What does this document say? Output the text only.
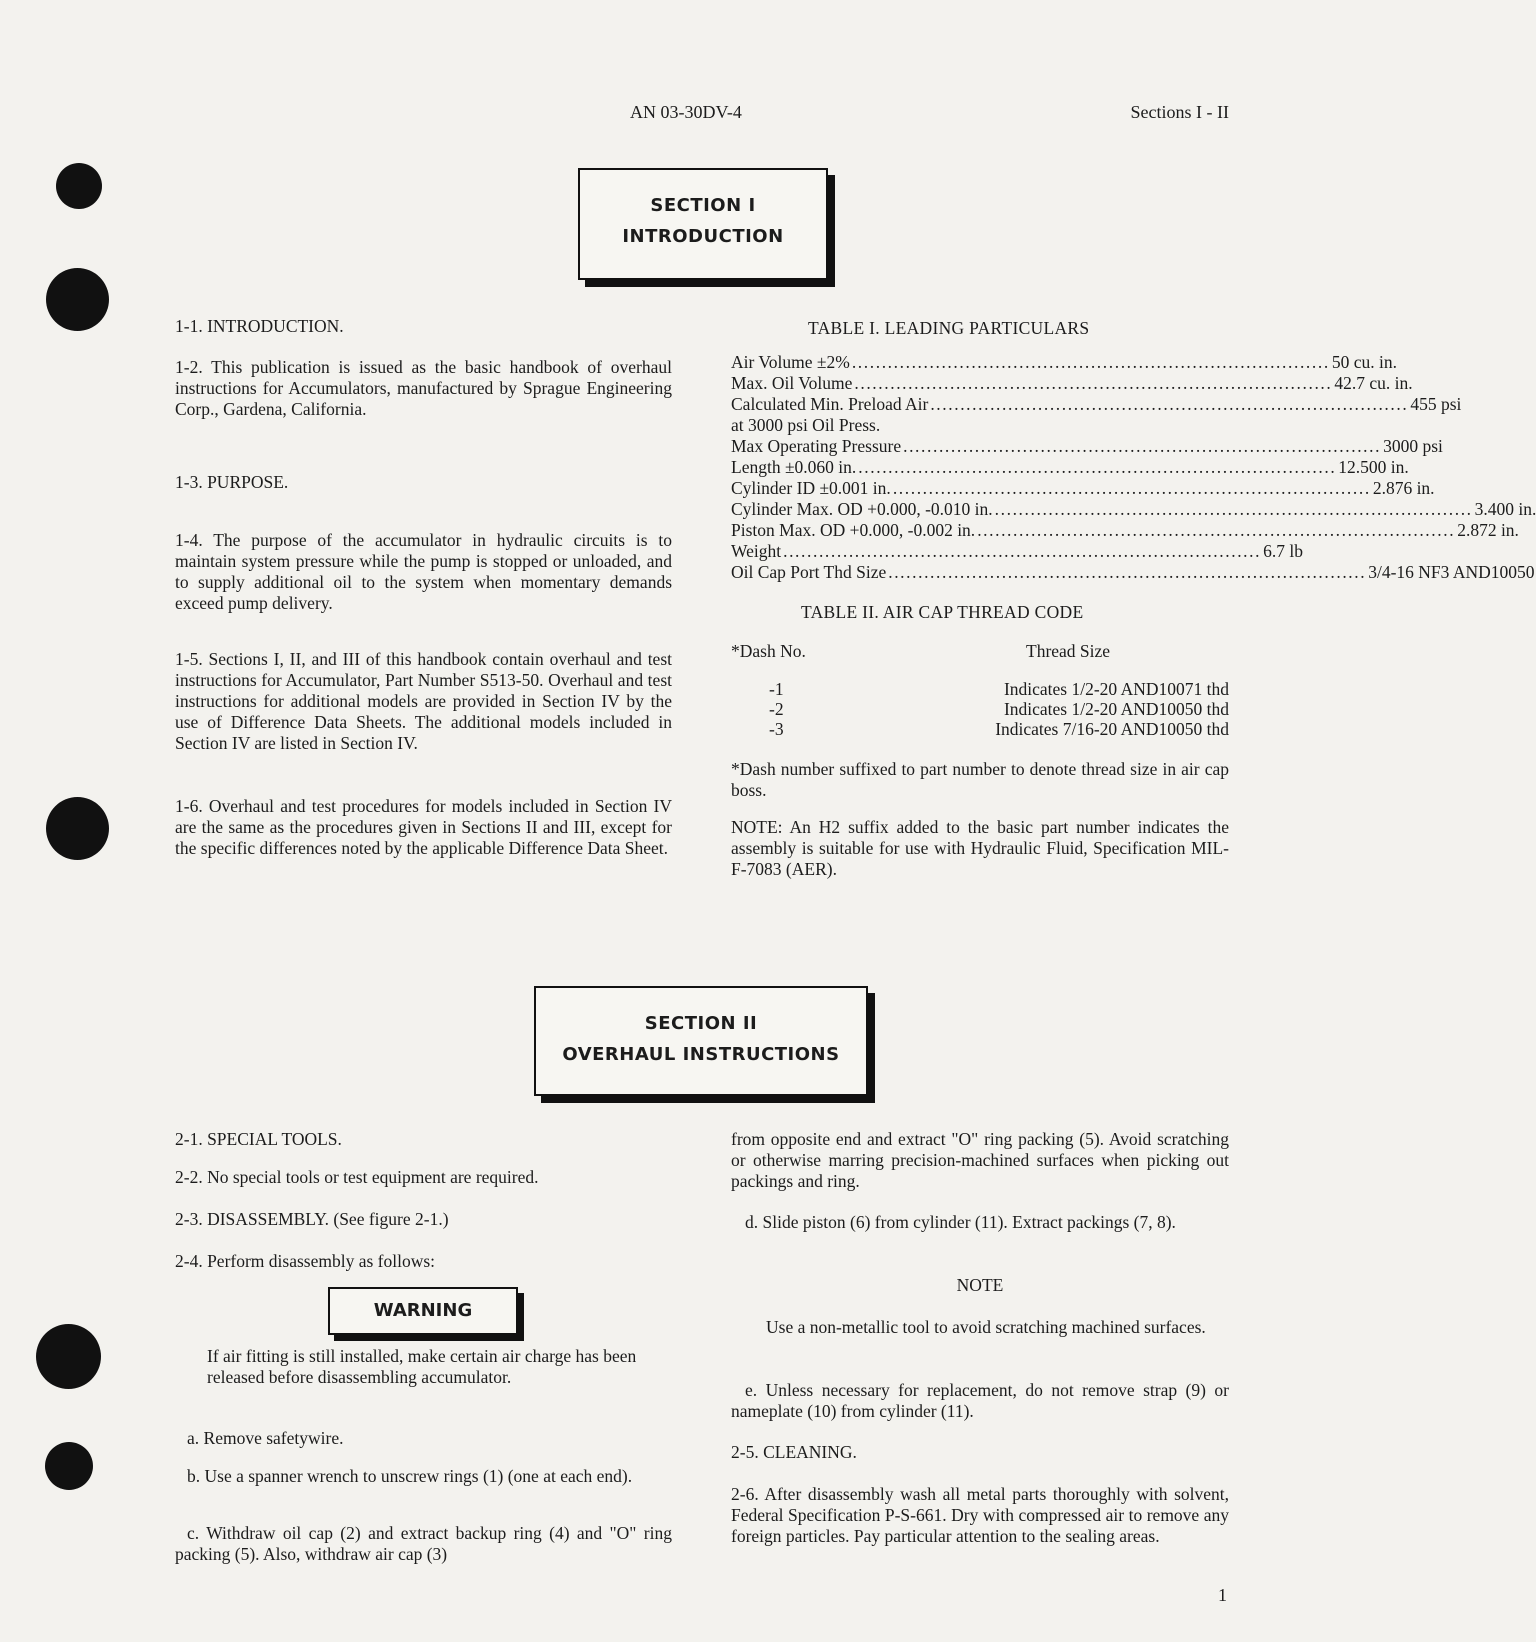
AN 03-30DV-4	Sections I - II
SECTION I
INTRODUCTION
1-1. INTRODUCTION.
1-2. This publication is issued as the basic handbook of overhaul instructions for Accumulators, manufactured by Sprague Engineering Corp., Gardena, California.
1-3. PURPOSE.
1-4. The purpose of the accumulator in hydraulic circuits is to maintain system pressure while the pump is stopped or unloaded, and to supply additional oil to the system when momentary demands exceed pump delivery.
1-5. Sections I, II, and III of this handbook contain overhaul and test instructions for Accumulator, Part Number S513-50. Overhaul and test instructions for additional models are provided in Section IV by the use of Difference Data Sheets. The additional models included in Section IV are listed in Section IV.
1-6. Overhaul and test procedures for models included in Section IV are the same as the procedures given in Sections II and III, except for the specific differences noted by the applicable Difference Data Sheet.
TABLE I. LEADING PARTICULARS
Air Volume ±2% ................................................................................ 50 cu. in.
Max. Oil Volume ................................................................................ 42.7 cu. in.
Calculated Min. Preload Air ................................................................................ 455 psi
at 3000 psi Oil Press.
Max Operating Pressure ................................................................................ 3000 psi
Length ±0.060 in. ................................................................................ 12.500 in.
Cylinder ID ±0.001 in. ................................................................................ 2.876 in.
Cylinder Max. OD +0.000, -0.010 in. ................................................................................ 3.400 in.
Piston Max. OD +0.000, -0.002 in. ................................................................................ 2.872 in.
Weight ................................................................................ 6.7 lb
Oil Cap Port Thd Size ................................................................................ 3/4-16 NF3 AND10050
TABLE II. AIR CAP THREAD CODE
*Dash No.	Thread Size
-1	Indicates 1/2-20 AND10071 thd
-2	Indicates 1/2-20 AND10050 thd
-3	Indicates 7/16-20 AND10050 thd
*Dash number suffixed to part number to denote thread size in air cap boss.
NOTE: An H2 suffix added to the basic part number indicates the assembly is suitable for use with Hydraulic Fluid, Specification MIL-F-7083 (AER).
SECTION II
OVERHAUL INSTRUCTIONS
2-1. SPECIAL TOOLS.
2-2. No special tools or test equipment are required.
2-3. DISASSEMBLY. (See figure 2-1.)
2-4. Perform disassembly as follows:
WARNING
If air fitting is still installed, make certain air charge has been released before disassembling accumulator.
a. Remove safetywire.
b. Use a spanner wrench to unscrew rings (1) (one at each end).
c. Withdraw oil cap (2) and extract backup ring (4) and "O" ring packing (5). Also, withdraw air cap (3)
from opposite end and extract "O" ring packing (5). Avoid scratching or otherwise marring precision-machined surfaces when picking out packings and ring.
d. Slide piston (6) from cylinder (11). Extract packings (7, 8).
NOTE
Use a non-metallic tool to avoid scratching machined surfaces.
e. Unless necessary for replacement, do not remove strap (9) or nameplate (10) from cylinder (11).
2-5. CLEANING.
2-6. After disassembly wash all metal parts thoroughly with solvent, Federal Specification P-S-661. Dry with compressed air to remove any foreign particles. Pay particular attention to the sealing areas.
1
